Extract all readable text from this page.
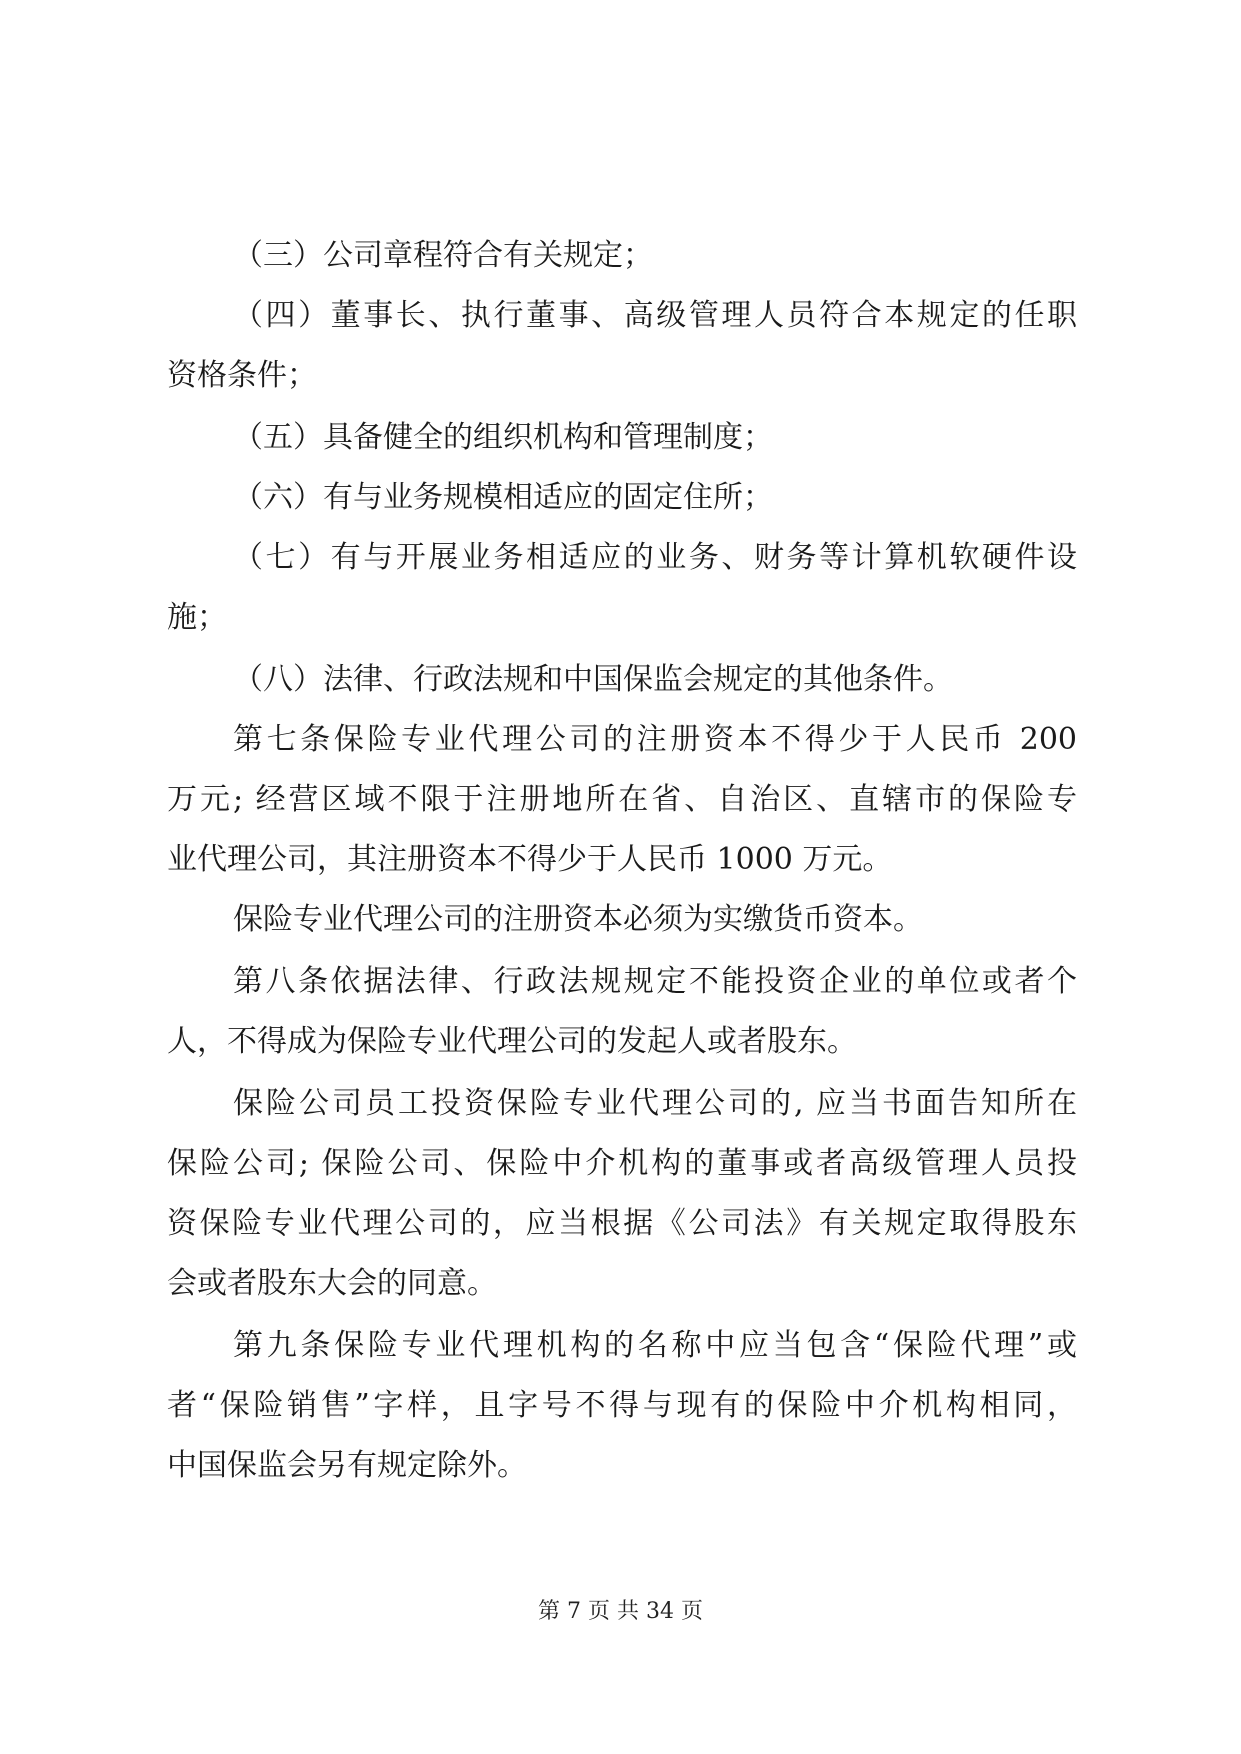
（三）公司章程符合有关规定；
（四）董事长、执行董事、高级管理人员符合本规定的任职
资格条件；
（五）具备健全的组织机构和管理制度；
（六）有与业务规模相适应的固定住所；
（七）有与开展业务相适应的业务、财务等计算机软硬件设
施；
（八）法律、行政法规和中国保监会规定的其他条件。
第七条保险专业代理公司的注册资本不得少于人民币 200
万元; 经营区域不限于注册地所在省、自治区、直辖市的保险专
业代理公司，其注册资本不得少于人民币 1000 万元。
保险专业代理公司的注册资本必须为实缴货币资本。
第八条依据法律、行政法规规定不能投资企业的单位或者个
人，不得成为保险专业代理公司的发起人或者股东。
保险公司员工投资保险专业代理公司的, 应当书面告知所在
保险公司; 保险公司、保险中介机构的董事或者高级管理人员投
资保险专业代理公司的，应当根据《公司法》有关规定取得股东
会或者股东大会的同意。
第九条保险专业代理机构的名称中应当包含“保险代理”或
者“保险销售”字样，且字号不得与现有的保险中介机构相同，
中国保监会另有规定除外。
第 7 页 共 34 页
